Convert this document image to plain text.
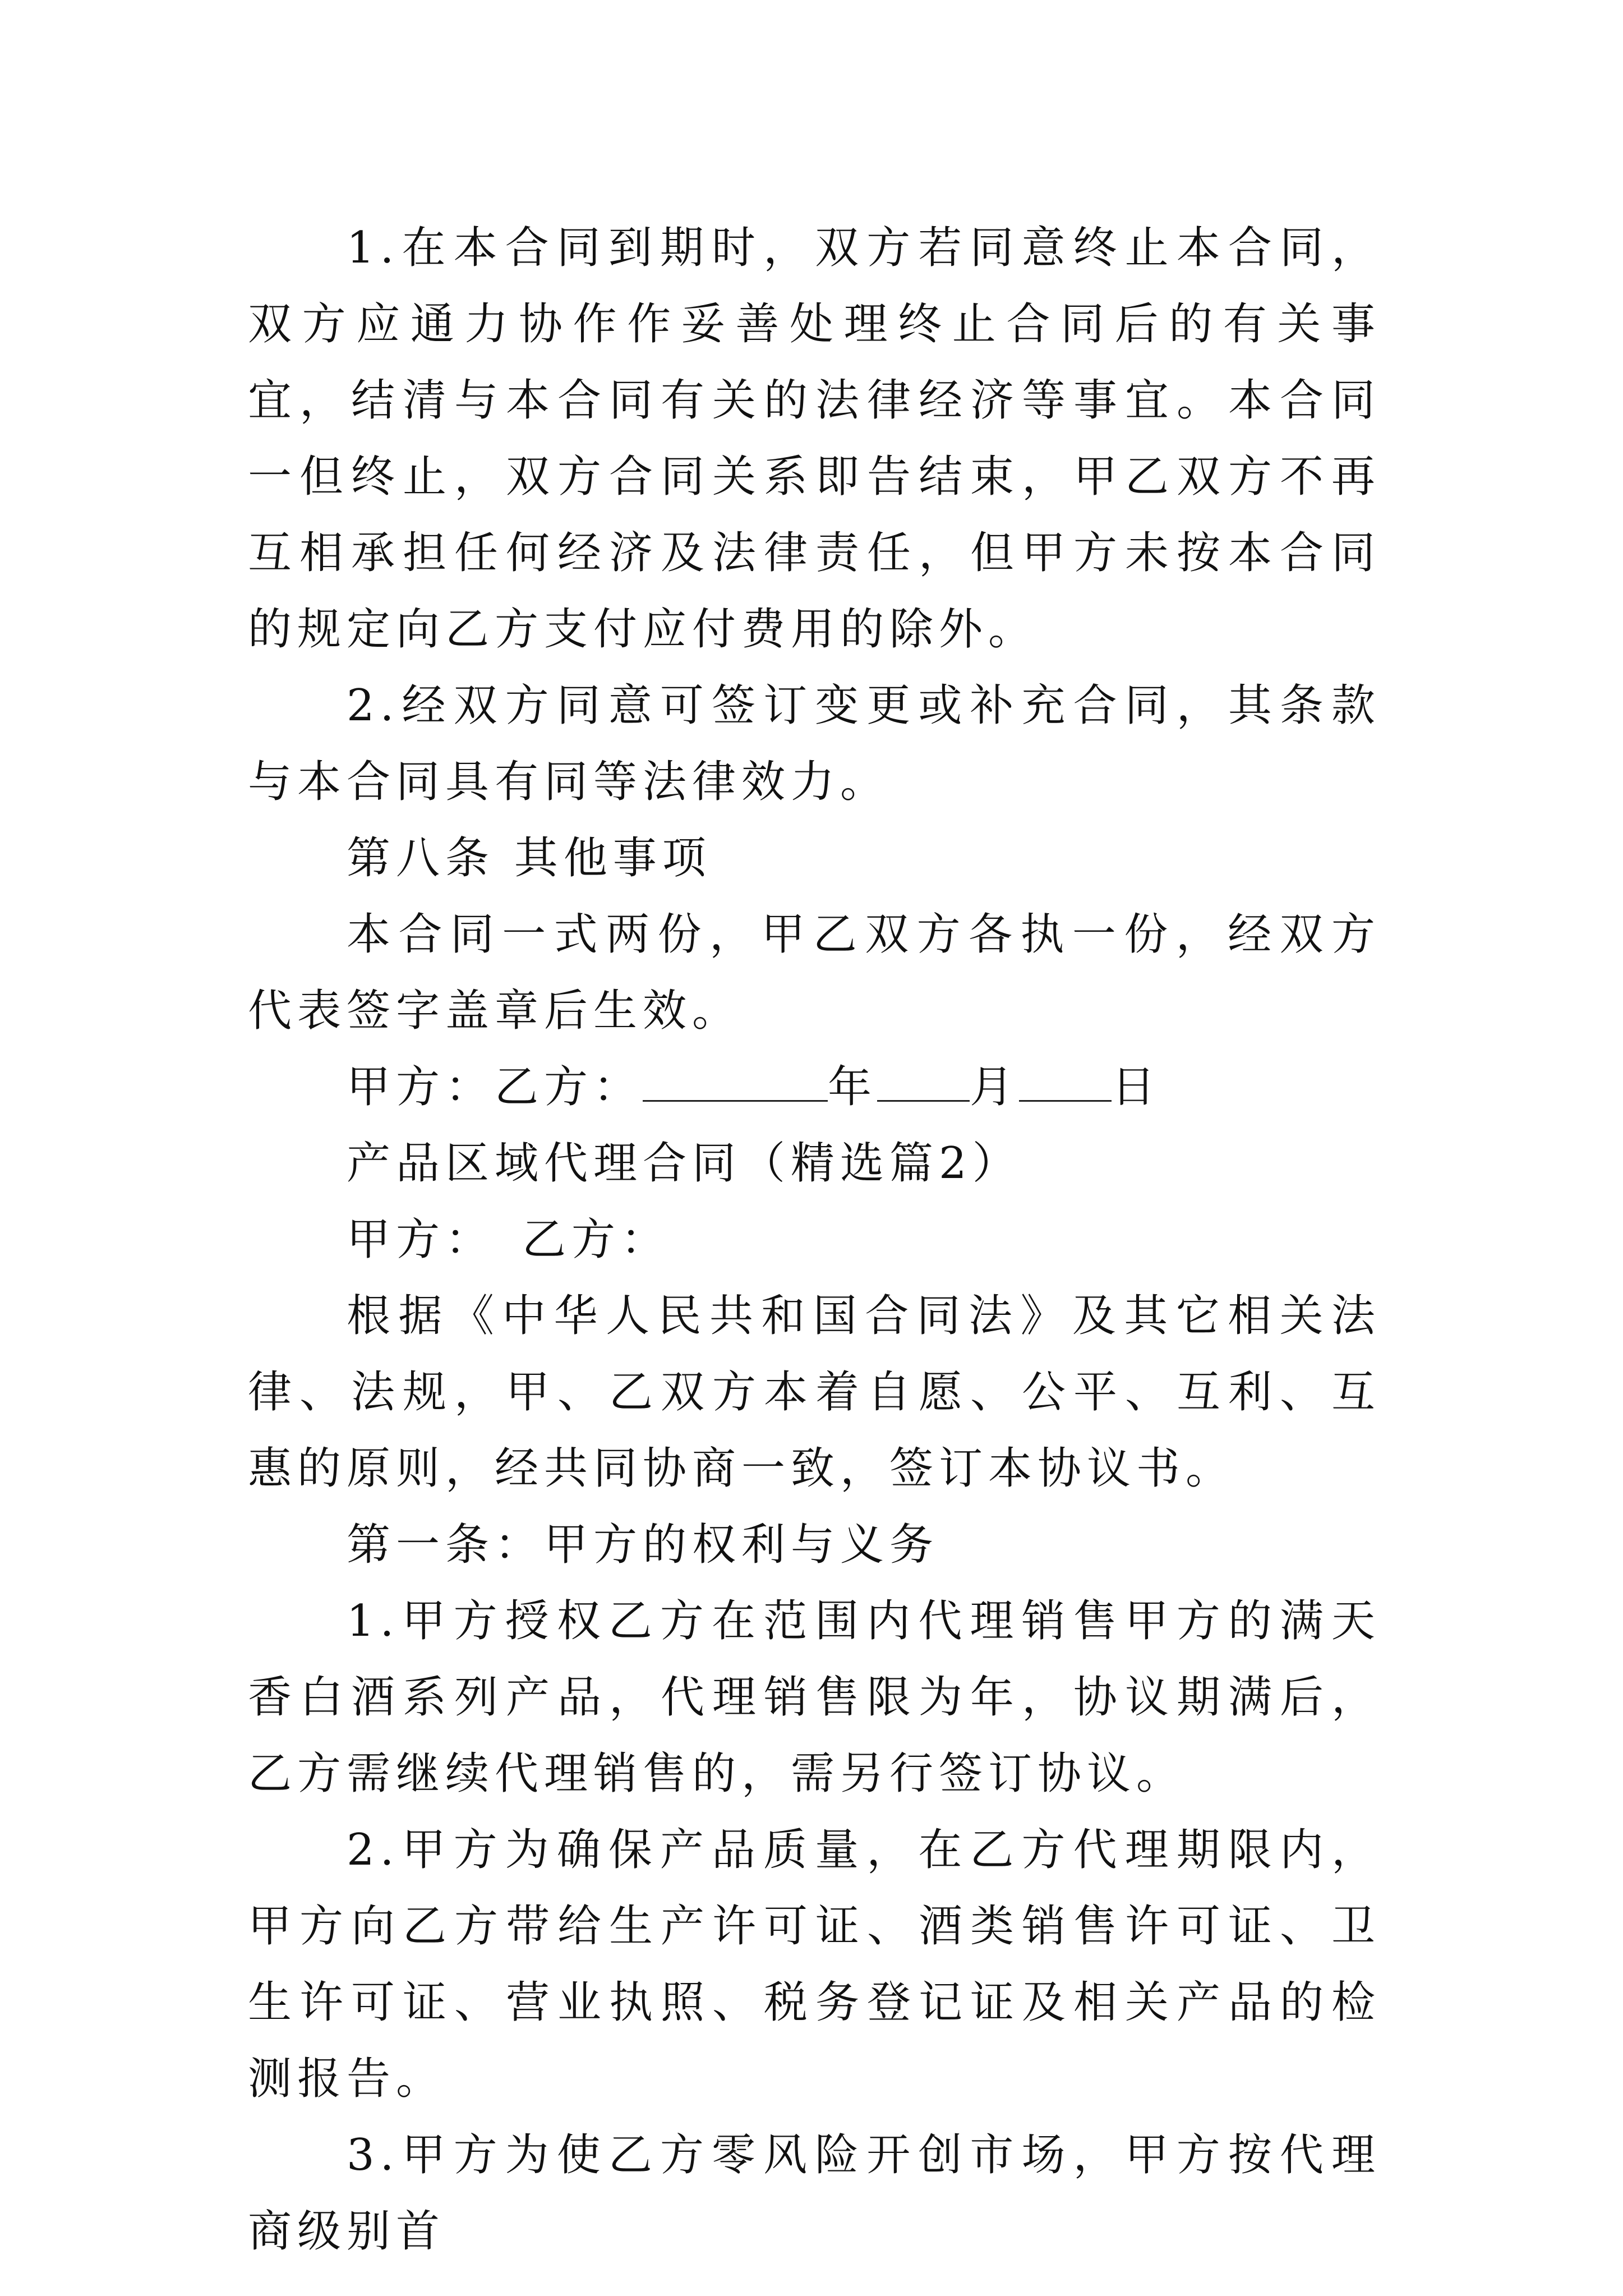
1.在本合同到期时，双方若同意终止本合同，双方应通力协作作妥善处理终止合同后的有关事宜，结清与本合同有关的法律经济等事宜。本合同一但终止，双方合同关系即告结束，甲乙双方不再互相承担任何经济及法律责任，但甲方未按本合同的规定向乙方支付应付费用的除外。

2.经双方同意可签订变更或补充合同，其条款与本合同具有同等法律效力。

第八条 其他事项

本合同一式两份，甲乙双方各执一份，经双方代表签字盖章后生效。

甲方：乙方：	年 月 日

产品区域代理合同（精选篇2）

甲方：　乙方：

根据《中华人民共和国合同法》及其它相关法律、法规，甲、乙双方本着自愿、公平、互利、互惠的原则，经共同协商一致，签订本协议书。

第一条：甲方的权利与义务

1.甲方授权乙方在范围内代理销售甲方的满天香白酒系列产品，代理销售限为年，协议期满后，乙方需继续代理销售的，需另行签订协议。

2.甲方为确保产品质量，在乙方代理期限内，甲方向乙方带给生产许可证、酒类销售许可证、卫生许可证、营业执照、税务登记证及相关产品的检测报告。

3.甲方为使乙方零风险开创市场，甲方按代理商级别首
